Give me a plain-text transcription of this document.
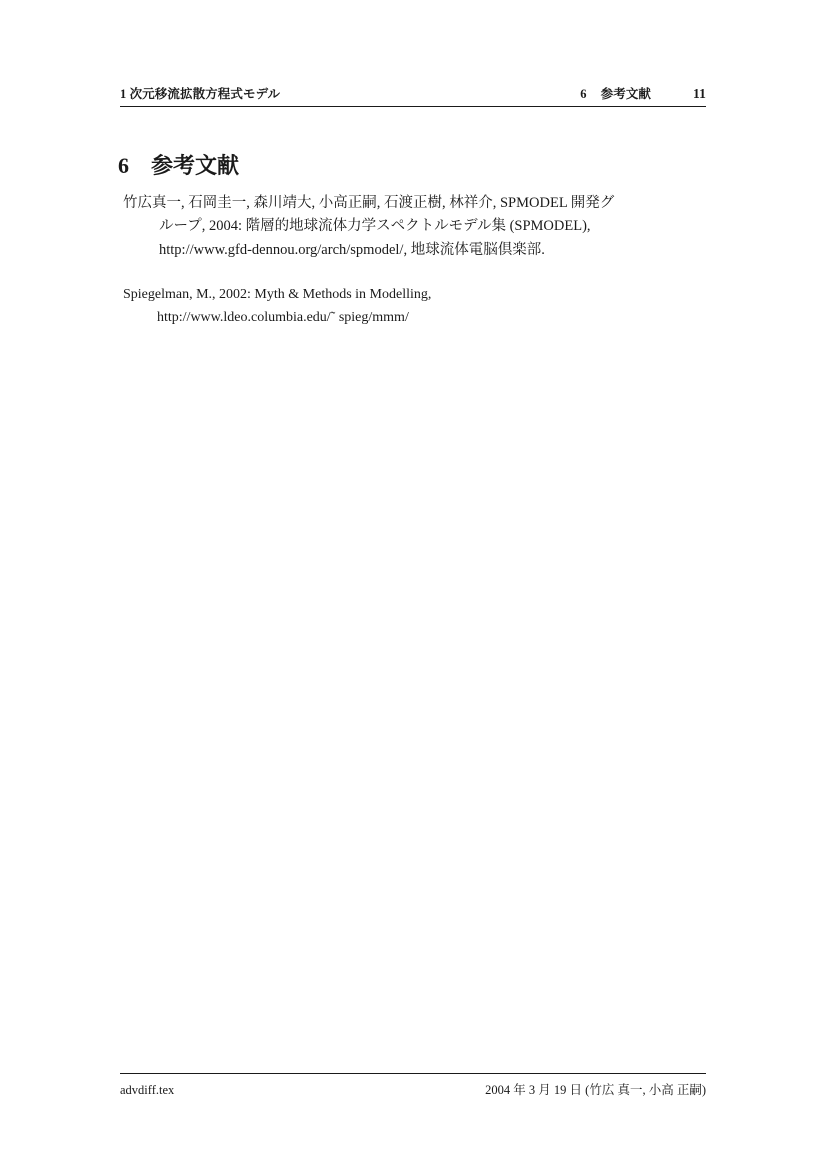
1 次元移流拡散方程式モデル	6 参考文献	11
6 参考文献
竹広真一, 石岡圭一, 森川靖大, 小高正嗣, 石渡正樹, 林祥介, SPMODEL 開発グ
ループ, 2004: 階層的地球流体力学スペクトルモデル集 (SPMODEL),
http://www.gfd-dennou.org/arch/spmodel/, 地球流体電脳倶楽部.
Spiegelman, M., 2002: Myth & Methods in Modelling,
http://www.ldeo.columbia.edu/˜ spieg/mmm/
advdiff.tex	2004 年 3 月 19 日 (竹広 真一, 小高 正嗣)
